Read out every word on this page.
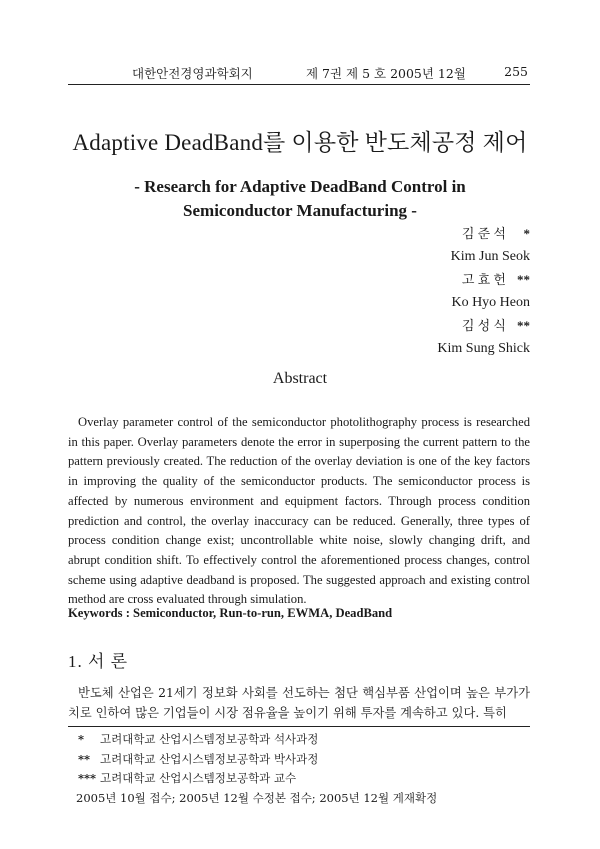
대한안전경영과학회지	제 7권 제 5 호 2005년 12월	255
Adaptive DeadBand를 이용한 반도체공정 제어
- Research for Adaptive DeadBand Control in
Semiconductor Manufacturing -
김 준 석 *
Kim Jun Seok
고 효 헌 **
Ko Hyo Heon
김 성 식 **
Kim Sung Shick
Abstract
Overlay parameter control of the semiconductor photolithography process is researched in this paper. Overlay parameters denote the error in superposing the current pattern to the pattern previously created. The reduction of the overlay deviation is one of the key factors in improving the quality of the semiconductor products. The semiconductor process is affected by numerous environment and equipment factors. Through process condition prediction and control, the overlay inaccuracy can be reduced. Generally, three types of process condition change exist; uncontrollable white noise, slowly changing drift, and abrupt condition shift. To effectively control the aforementioned process changes, control scheme using adaptive deadband is proposed. The suggested approach and existing control method are cross evaluated through simulation.
Keywords : Semiconductor, Run-to-run, EWMA, DeadBand
1. 서 론
반도체 산업은 21세기 정보화 사회를 선도하는 첨단 핵심부품 산업이며 높은 부가가치로 인하여 많은 기업들이 시장 점유율을 높이기 위해 투자를 계속하고 있다. 특히
* 고려대학교 산업시스템정보공학과 석사과정
** 고려대학교 산업시스템정보공학과 박사과정
*** 고려대학교 산업시스템정보공학과 교수
2005년 10월 접수; 2005년 12월 수정본 접수; 2005년 12월 게재확정
